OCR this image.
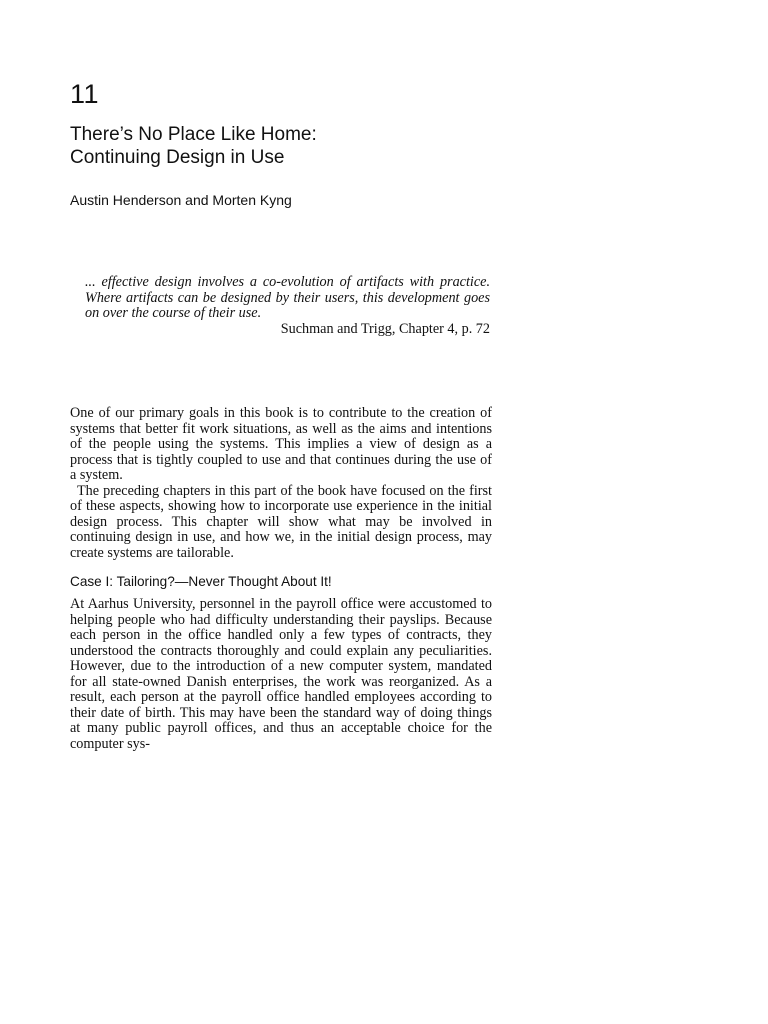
11
There’s No Place Like Home:
Continuing Design in Use

Austin Henderson and Morten Kyng

... effective design involves a co-evolution of artifacts with practice. Where artifacts can be designed by their users, this development goes on over the course of their use.

Suchman and Trigg, Chapter 4, p. 72

One of our primary goals in this book is to contribute to the creation of systems that better fit work situations, as well as the aims and intentions of the people using the systems. This implies a view of design as a process that is tightly coupled to use and that continues during the use of a system.

The preceding chapters in this part of the book have focused on the first of these aspects, showing how to incorporate use experience in the initial design process. This chapter will show what may be involved in continuing design in use, and how we, in the initial design process, may create systems are tailorable.

Case I: Tailoring?—Never Thought About It!

At Aarhus University, personnel in the payroll office were accustomed to helping people who had difficulty understanding their payslips. Because each person in the office handled only a few types of contracts, they understood the contracts thoroughly and could explain any peculiarities. However, due to the introduction of a new computer system, mandated for all state-owned Danish enterprises, the work was reorganized. As a result, each person at the payroll office handled employees according to their date of birth. This may have been the standard way of doing things at many public payroll offices, and thus an acceptable choice for the computer sys-
